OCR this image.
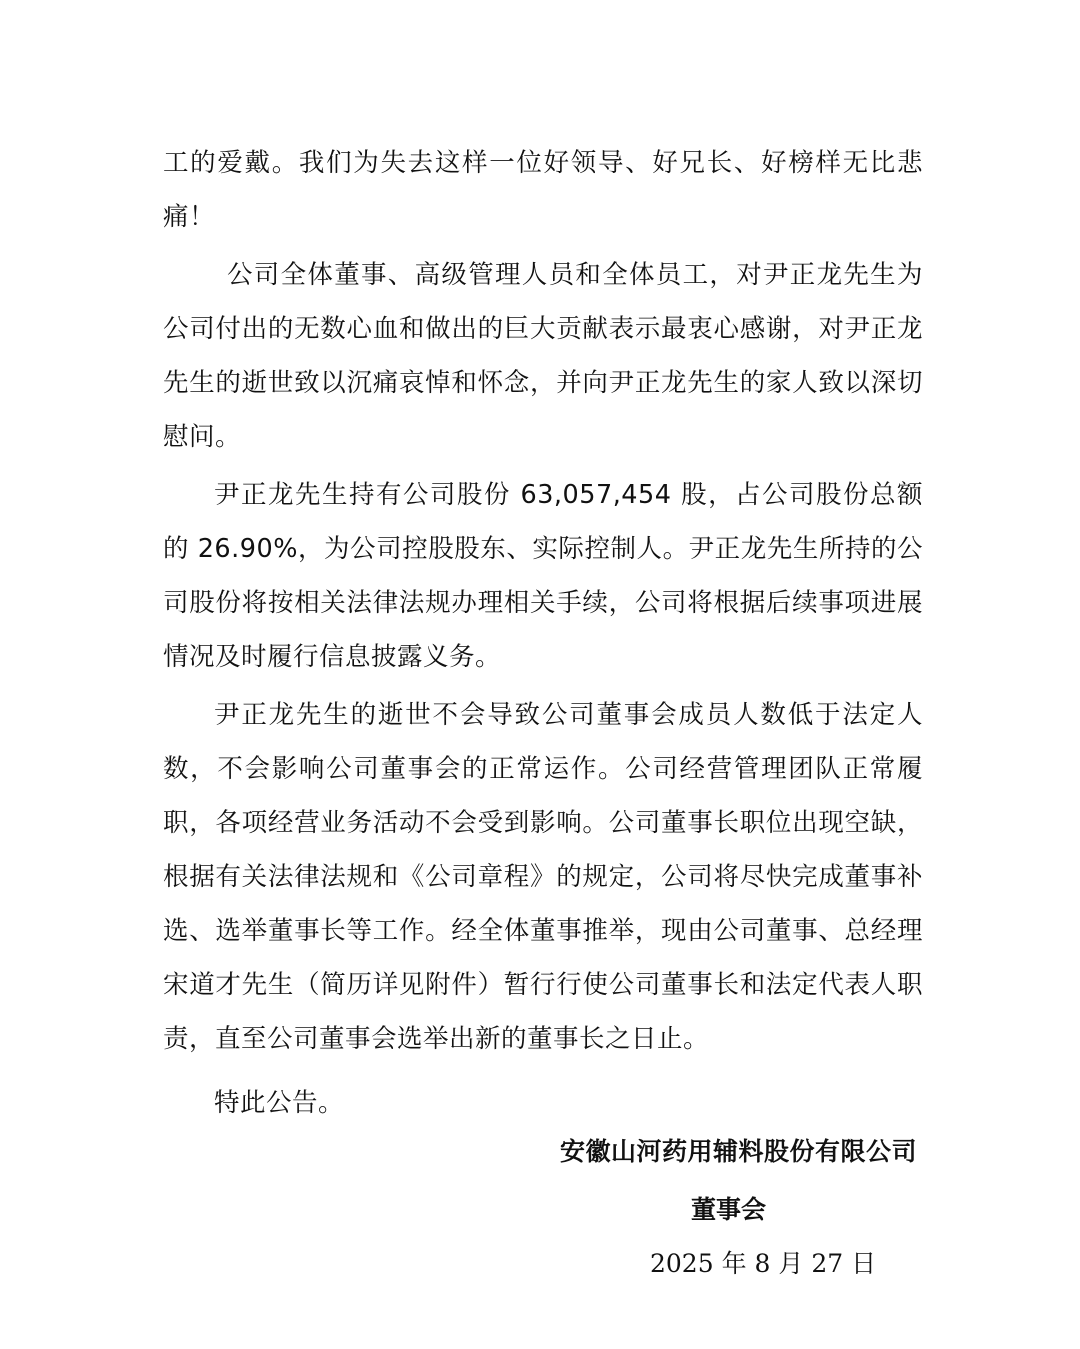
工的爱戴。我们为失去这样一位好领导、好兄长、好榜样无比悲痛！

公司全体董事、高级管理人员和全体员工，对尹正龙先生为公司付出的无数心血和做出的巨大贡献表示最衷心感谢，对尹正龙先生的逝世致以沉痛哀悼和怀念，并向尹正龙先生的家人致以深切慰问。

尹正龙先生持有公司股份 63,057,454 股，占公司股份总额的 26.90%，为公司控股股东、实际控制人。尹正龙先生所持的公司股份将按相关法律法规办理相关手续，公司将根据后续事项进展情况及时履行信息披露义务。

尹正龙先生的逝世不会导致公司董事会成员人数低于法定人数，不会影响公司董事会的正常运作。公司经营管理团队正常履职，各项经营业务活动不会受到影响。公司董事长职位出现空缺，根据有关法律法规和《公司章程》的规定，公司将尽快完成董事补选、选举董事长等工作。经全体董事推举，现由公司董事、总经理宋道才先生（简历详见附件）暂行行使公司董事长和法定代表人职责，直至公司董事会选举出新的董事长之日止。

特此公告。

安徽山河药用辅料股份有限公司
董事会
2025 年 8 月 27 日
